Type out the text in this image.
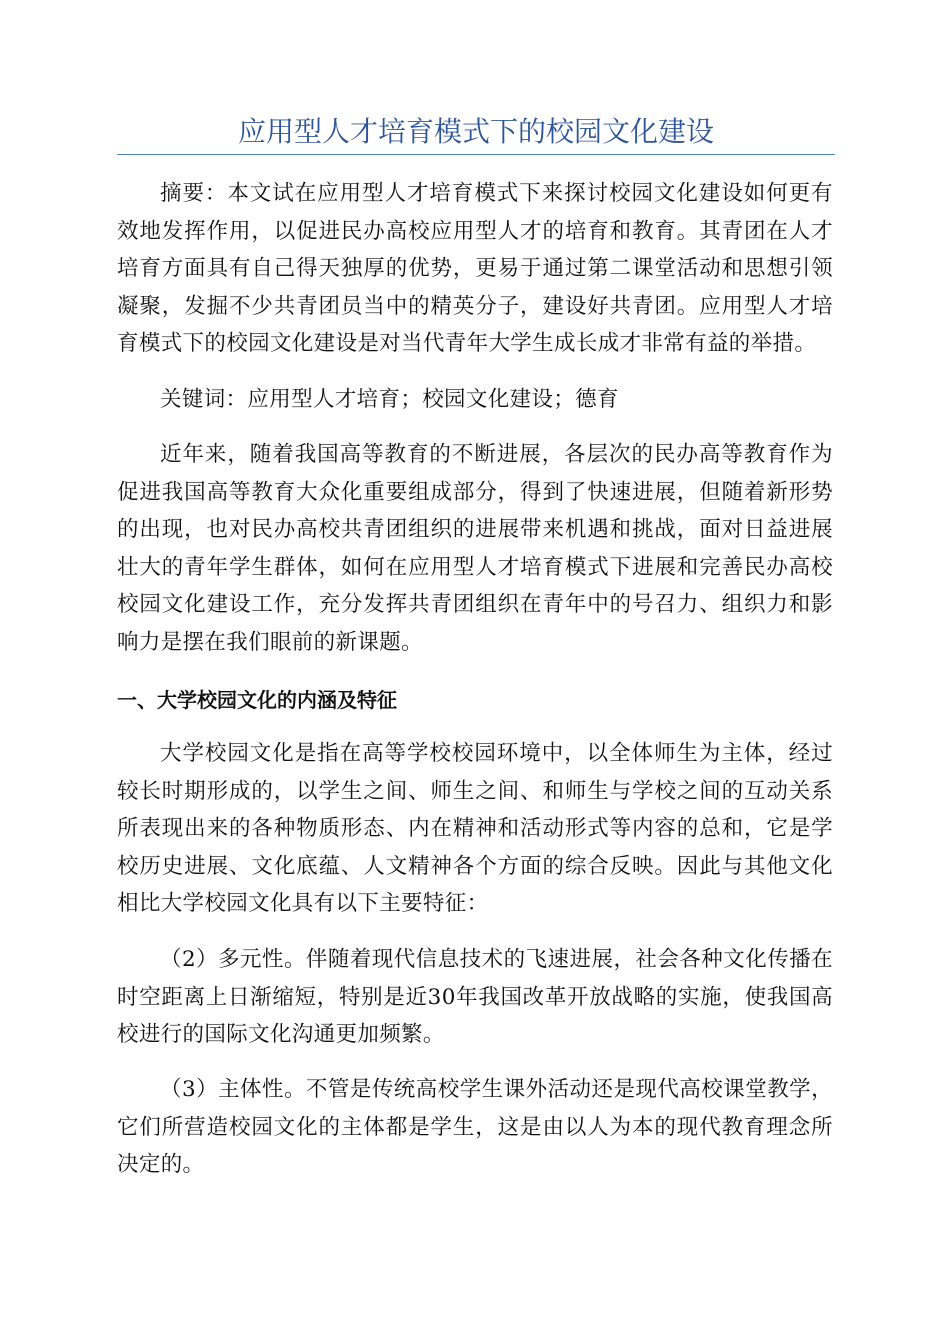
应用型人才培育模式下的校园文化建设

摘要：本文试在应用型人才培育模式下来探讨校园文化建设如何更有效地发挥作用，以促进民办高校应用型人才的培育和教育。其青团在人才培育方面具有自己得天独厚的优势，更易于通过第二课堂活动和思想引领凝聚，发掘不少共青团员当中的精英分子，建设好共青团。应用型人才培育模式下的校园文化建设是对当代青年大学生成长成才非常有益的举措。

关键词：应用型人才培育；校园文化建设；德育

近年来，随着我国高等教育的不断进展，各层次的民办高等教育作为促进我国高等教育大众化重要组成部分，得到了快速进展，但随着新形势的出现，也对民办高校共青团组织的进展带来机遇和挑战，面对日益进展壮大的青年学生群体，如何在应用型人才培育模式下进展和完善民办高校校园文化建设工作，充分发挥共青团组织在青年中的号召力、组织力和影响力是摆在我们眼前的新课题。

一、大学校园文化的内涵及特征

大学校园文化是指在高等学校校园环境中，以全体师生为主体，经过较长时期形成的，以学生之间、师生之间、和师生与学校之间的互动关系所表现出来的各种物质形态、内在精神和活动形式等内容的总和，它是学校历史进展、文化底蕴、人文精神各个方面的综合反映。因此与其他文化相比大学校园文化具有以下主要特征：

（2）多元性。伴随着现代信息技术的飞速进展，社会各种文化传播在时空距离上日渐缩短，特别是近30年我国改革开放战略的实施，使我国高校进行的国际文化沟通更加频繁。

（3）主体性。不管是传统高校学生课外活动还是现代高校课堂教学，它们所营造校园文化的主体都是学生，这是由以人为本的现代教育理念所决定的。
